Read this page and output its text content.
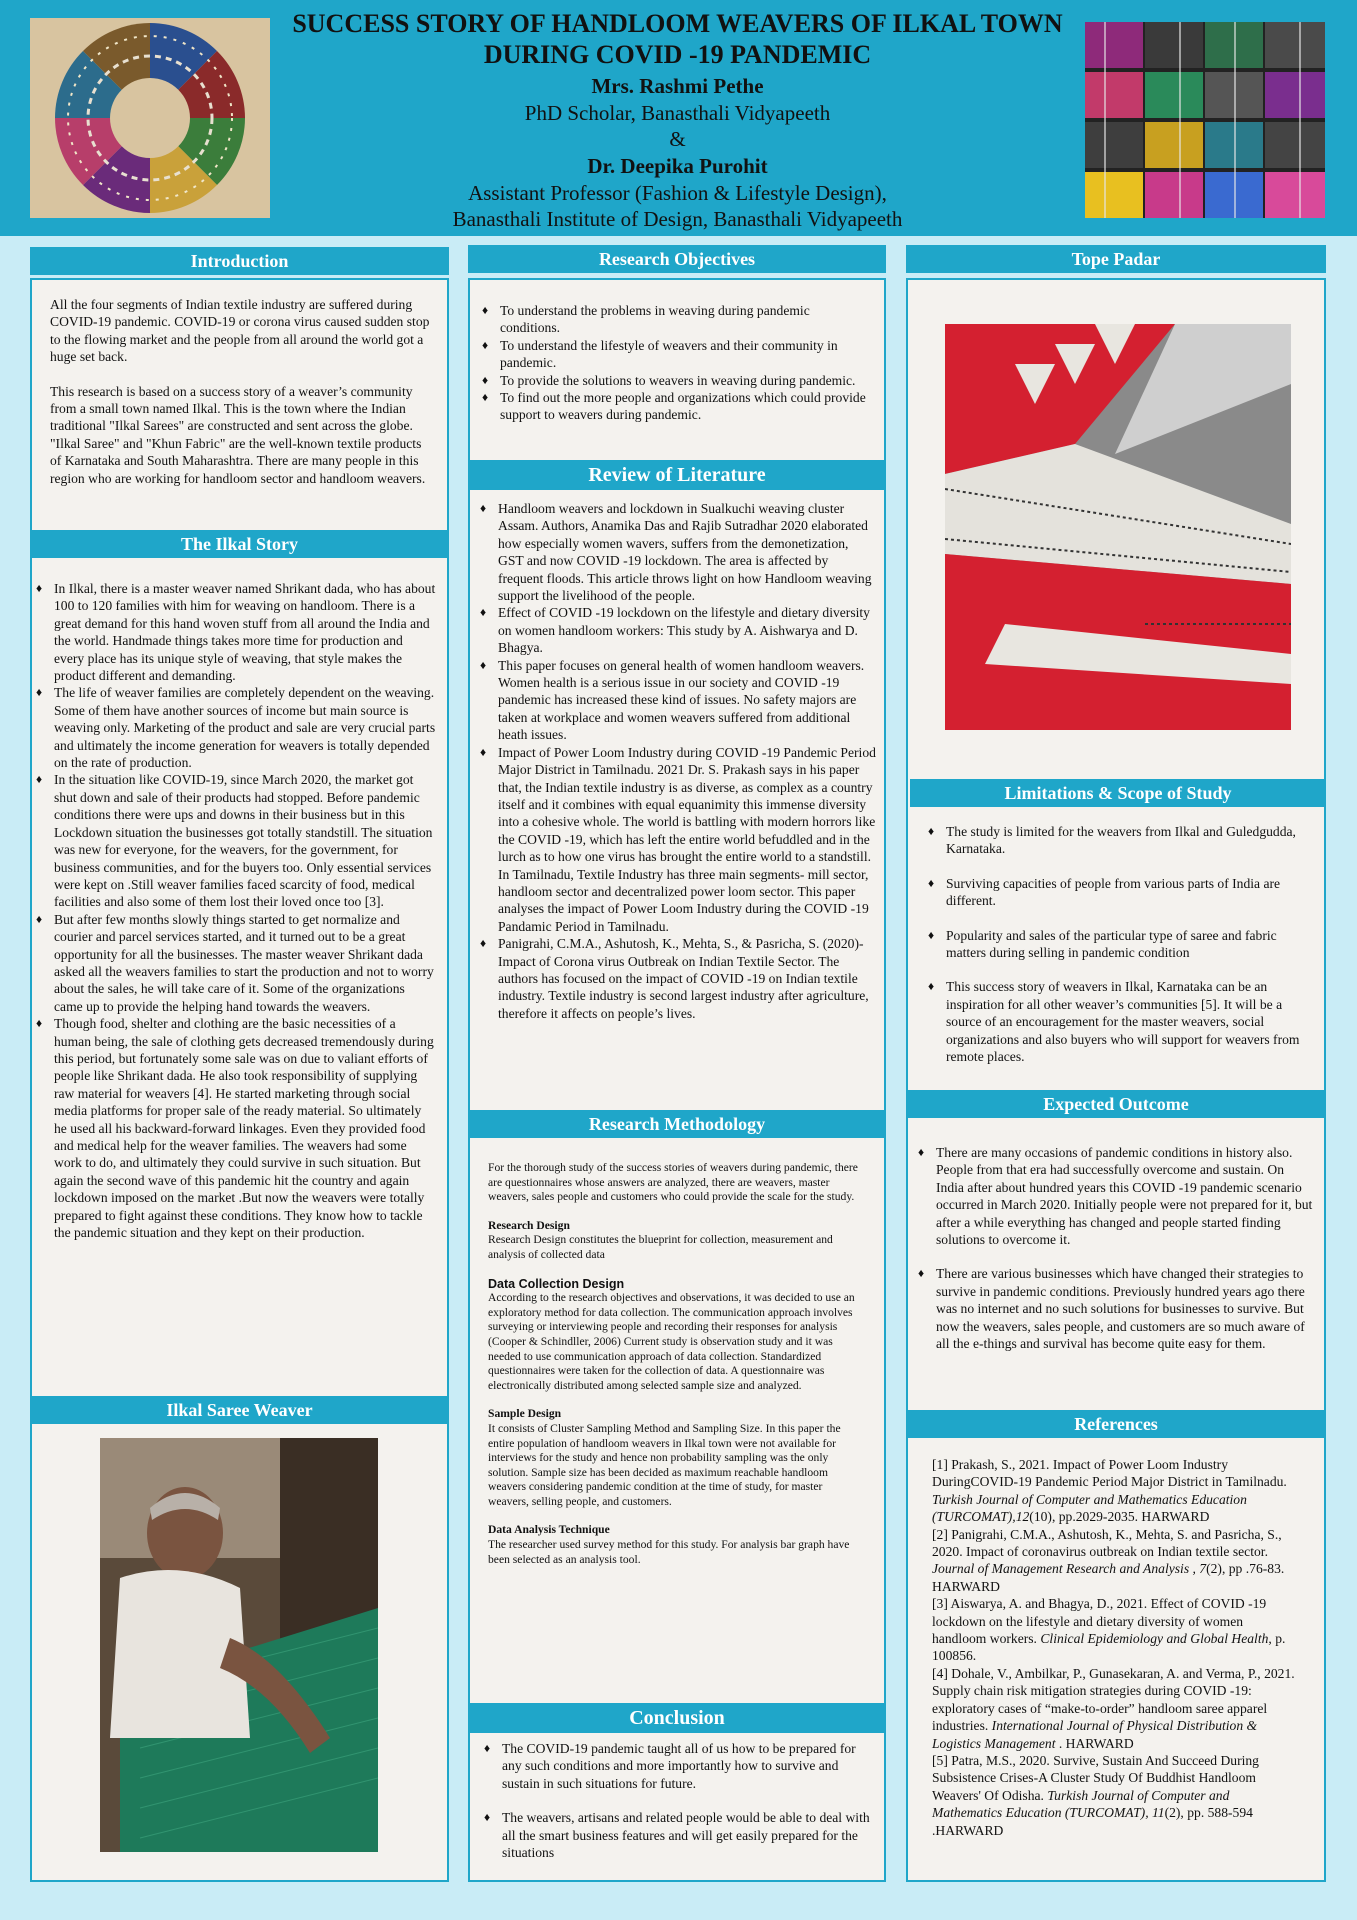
SUCCESS STORY OF HANDLOOM WEAVERS OF ILKAL TOWN
DURING COVID -19 PANDEMIC
Mrs. Rashmi Pethe
PhD Scholar, Banasthali Vidyapeeth
&
Dr. Deepika Purohit
Assistant Professor (Fashion & Lifestyle Design),
Banasthali Institute of Design, Banasthali Vidyapeeth
Introduction

All the four segments of Indian textile industry are suffered during COVID-19 pandemic. COVID-19 or corona virus caused sudden stop to the flowing market and the people from all around the world got a huge set back.

This research is based on a success story of a weaver’s community from a small town named Ilkal. This is the town where the Indian traditional "Ilkal Sarees" are constructed and sent across the globe. "Ilkal Saree" and "Khun Fabric" are the well-known textile products of Karnataka and South Maharashtra. There are many people in this region who are working for handloom sector and handloom weavers.

The Ilkal Story
♦ In Ilkal, there is a master weaver named Shrikant dada, who has about 100 to 120 families with him for weaving on handloom. There is a great demand for this hand woven stuff from all around the India and the world. Handmade things takes more time for production and every place has its unique style of weaving, that style makes the product different and demanding.
♦ The life of weaver families are completely dependent on the weaving. Some of them have another sources of income but main source is weaving only. Marketing of the product and sale are very crucial parts and ultimately the income generation for weavers is totally depended on the rate of production.
♦ In the situation like COVID-19, since March 2020, the market got shut down and sale of their products had stopped. Before pandemic conditions there were ups and downs in their business but in this Lockdown situation the businesses got totally standstill. The situation was new for everyone, for the weavers, for the government, for business communities, and for the buyers too. Only essential services were kept on .Still weaver families faced scarcity of food, medical facilities and also some of them lost their loved once too [3].
♦ But after few months slowly things started to get normalize and courier and parcel services started, and it turned out to be a great opportunity for all the businesses. The master weaver Shrikant dada asked all the weavers families to start the production and not to worry about the sales, he will take care of it. Some of the organizations came up to provide the helping hand towards the weavers.
♦ Though food, shelter and clothing are the basic necessities of a human being, the sale of clothing gets decreased tremendously during this period, but fortunately some sale was on due to valiant efforts of people like Shrikant dada. He also took responsibility of supplying raw material for weavers [4]. He started marketing through social media platforms for proper sale of the ready material. So ultimately he used all his backward-forward linkages. Even they provided food and medical help for the weaver families. The weavers had some work to do, and ultimately they could survive in such situation. But again the second wave of this pandemic hit the country and again lockdown imposed on the market .But now the weavers were totally prepared to fight against these conditions. They know how to tackle the pandemic situation and they kept on their production.
Ilkal Saree Weaver
Research Objectives
♦ To understand the problems in weaving during pandemic conditions.
♦ To understand the lifestyle of weavers and their community in pandemic.
♦ To provide the solutions to weavers in weaving during pandemic.
♦ To find out the more people and organizations which could provide support to weavers during pandemic.
Review of Literature
♦ Handloom weavers and lockdown in Sualkuchi weaving cluster Assam. Authors, Anamika Das and Rajib Sutradhar 2020 elaborated how especially women wavers, suffers from the demonetization, GST and now COVID -19 lockdown. The area is affected by frequent floods. This article throws light on how Handloom weaving support the livelihood of the people.
♦ Effect of COVID -19 lockdown on the lifestyle and dietary diversity on women handloom workers: This study by A. Aishwarya and D. Bhagya.
♦ This paper focuses on general health of women handloom weavers. Women health is a serious issue in our society and COVID -19 pandemic has increased these kind of issues. No safety majors are taken at workplace and women weavers suffered from additional heath issues.
♦ Impact of Power Loom Industry during COVID -19 Pandemic Period Major District in Tamilnadu. 2021 Dr. S. Prakash says in his paper that, the Indian textile industry is as diverse, as complex as a country itself and it combines with equal equanimity this immense diversity into a cohesive whole. The world is battling with modern horrors like the COVID -19, which has left the entire world befuddled and in the lurch as to how one virus has brought the entire world to a standstill. In Tamilnadu, Textile Industry has three main segments- mill sector, handloom sector and decentralized power loom sector. This paper analyses the impact of Power Loom Industry during the COVID -19 Pandamic Period in Tamilnadu.
♦ Panigrahi, C.M.A., Ashutosh, K., Mehta, S., & Pasricha, S. (2020)- Impact of Corona virus Outbreak on Indian Textile Sector. The authors has focused on the impact of COVID -19 on Indian textile industry. Textile industry is second largest industry after agriculture, therefore it affects on people’s lives.
Research Methodology

For the thorough study of the success stories of weavers during pandemic, there are questionnaires whose answers are analyzed, there are weavers, master weavers, sales people and customers who could provide the scale for the study.

Research Design
Research Design constitutes the blueprint for collection, measurement and analysis of collected data

Data Collection Design
According to the research objectives and observations, it was decided to use an exploratory method for data collection. The communication approach involves surveying or interviewing people and recording their responses for analysis (Cooper & Schindller, 2006) Current study is observation study and it was needed to use communication approach of data collection. Standardized questionnaires were taken for the collection of data. A questionnaire was electronically distributed among selected sample size and analyzed.

Sample Design
It consists of Cluster Sampling Method and Sampling Size. In this paper the entire population of handloom weavers in Ilkal town were not available for interviews for the study and hence non probability sampling was the only solution. Sample size has been decided as maximum reachable handloom weavers considering pandemic condition at the time of study, for master weavers, selling people, and customers.

Data Analysis Technique
The researcher used survey method for this study. For analysis bar graph have been selected as an analysis tool.

Conclusion
♦ The COVID-19 pandemic taught all of us how to be prepared for any such conditions and more importantly how to survive and sustain in such situations for future.
♦ The weavers, artisans and related people would be able to deal with all the smart business features and will get easily prepared for the situations
Tope Padar
Limitations & Scope of Study
♦ The study is limited for the weavers from Ilkal and Guledgudda, Karnataka.
♦ Surviving capacities of people from various parts of India are different.
♦ Popularity and sales of the particular type of saree and fabric matters during selling in pandemic condition
♦ This success story of weavers in Ilkal, Karnataka can be an inspiration for all other weaver’s communities [5]. It will be a source of an encouragement for the master weavers, social organizations and also buyers who will support for weavers from remote places.
Expected Outcome
♦ There are many occasions of pandemic conditions in history also. People from that era had successfully overcome and sustain. On India after about hundred years this COVID -19 pandemic scenario occurred in March 2020. Initially people were not prepared for it, but after a while everything has changed and people started finding solutions to overcome it.
♦ There are various businesses which have changed their strategies to survive in pandemic conditions. Previously hundred years ago there was no internet and no such solutions for businesses to survive. But now the weavers, sales people, and customers are so much aware of all the e-things and survival has become quite easy for them.
References

[1] Prakash, S., 2021. Impact of Power Loom Industry DuringCOVID-19 Pandemic Period Major District in Tamilnadu. Turkish Journal of Computer and Mathematics Education (TURCOMAT),12(10), pp.2029-2035. HARWARD

[2] Panigrahi, C.M.A., Ashutosh, K., Mehta, S. and Pasricha, S., 2020. Impact of coronavirus outbreak on Indian textile sector. Journal of Management Research and Analysis , 7(2), pp .76-83. HARWARD

[3] Aiswarya, A. and Bhagya, D., 2021. Effect of COVID -19 lockdown on the lifestyle and dietary diversity of women handloom workers. Clinical Epidemiology and Global Health, p. 100856.

[4] Dohale, V., Ambilkar, P., Gunasekaran, A. and Verma, P., 2021. Supply chain risk mitigation strategies during COVID -19: exploratory cases of “make-to-order” handloom saree apparel industries. International Journal of Physical Distribution & Logistics Management . HARWARD

[5] Patra, M.S., 2020. Survive, Sustain And Succeed During Subsistence Crises-A Cluster Study Of Buddhist Handloom Weavers' Of Odisha. Turkish Journal of Computer and Mathematics Education (TURCOMAT), 11(2), pp. 588-594 .HARWARD
